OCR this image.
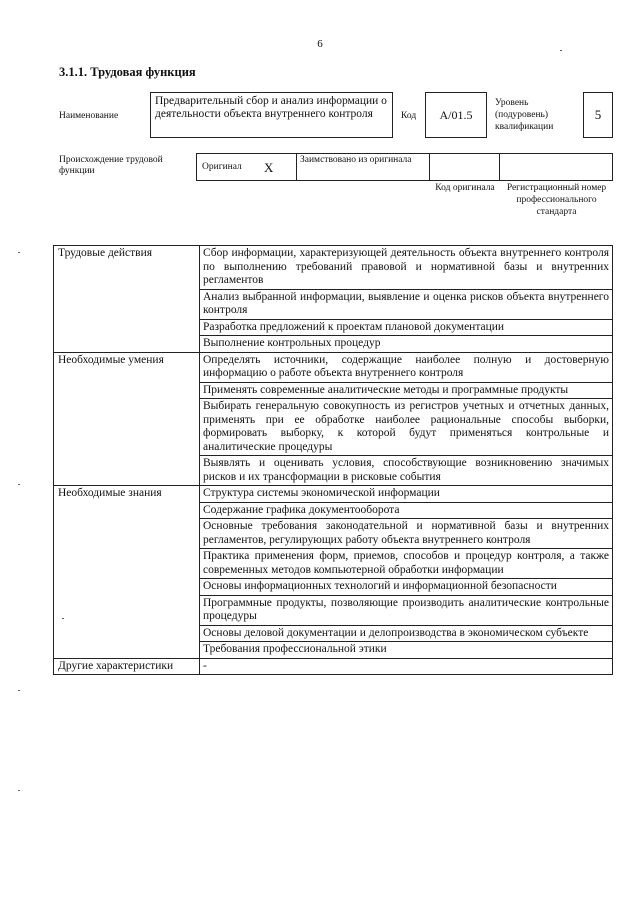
6
3.1.1. Трудовая функция
Наименование
Предварительный сбор и анализ информации о деятельности объекта внутреннего контроля	Код	A/01.5
Уровень (подуровень) квалификации
5
Происхождение трудовой функции	Оригинал X	Заимствовано из оригинала
Код оригинала	Регистрационный номер профессионального стандарта
Трудовые действия	Сбор информации, характеризующей деятельность объекта внутреннего контроля по выполнению требований правовой и нормативной базы и внутренних регламентов
	Анализ выбранной информации, выявление и оценка рисков объекта внутреннего контроля
	Разработка предложений к проектам плановой документации
	Выполнение контрольных процедур
Необходимые умения	Определять источники, содержащие наиболее полную и достоверную информацию о работе объекта внутреннего контроля
	Применять современные аналитические методы и программные продукты
	Выбирать генеральную совокупность из регистров учетных и отчетных данных, применять при ее обработке наиболее рациональные способы выборки, формировать выборку, к которой будут применяться контрольные и аналитические процедуры
	Выявлять и оценивать условия, способствующие возникновению значимых рисков и их трансформации в рисковые события
Необходимые знания	Структура системы экономической информации
	Содержание графика документооборота
	Основные требования законодательной и нормативной базы и внутренних регламентов, регулирующих работу объекта внутреннего контроля
	Практика применения форм, приемов, способов и процедур контроля, а также современных методов компьютерной обработки информации
	Основы информационных технологий и информационной безопасности
	Программные продукты, позволяющие производить аналитические контрольные процедуры
	Основы деловой документации и делопроизводства в экономическом субъекте
	Требования профессиональной этики
Другие характеристики	-
